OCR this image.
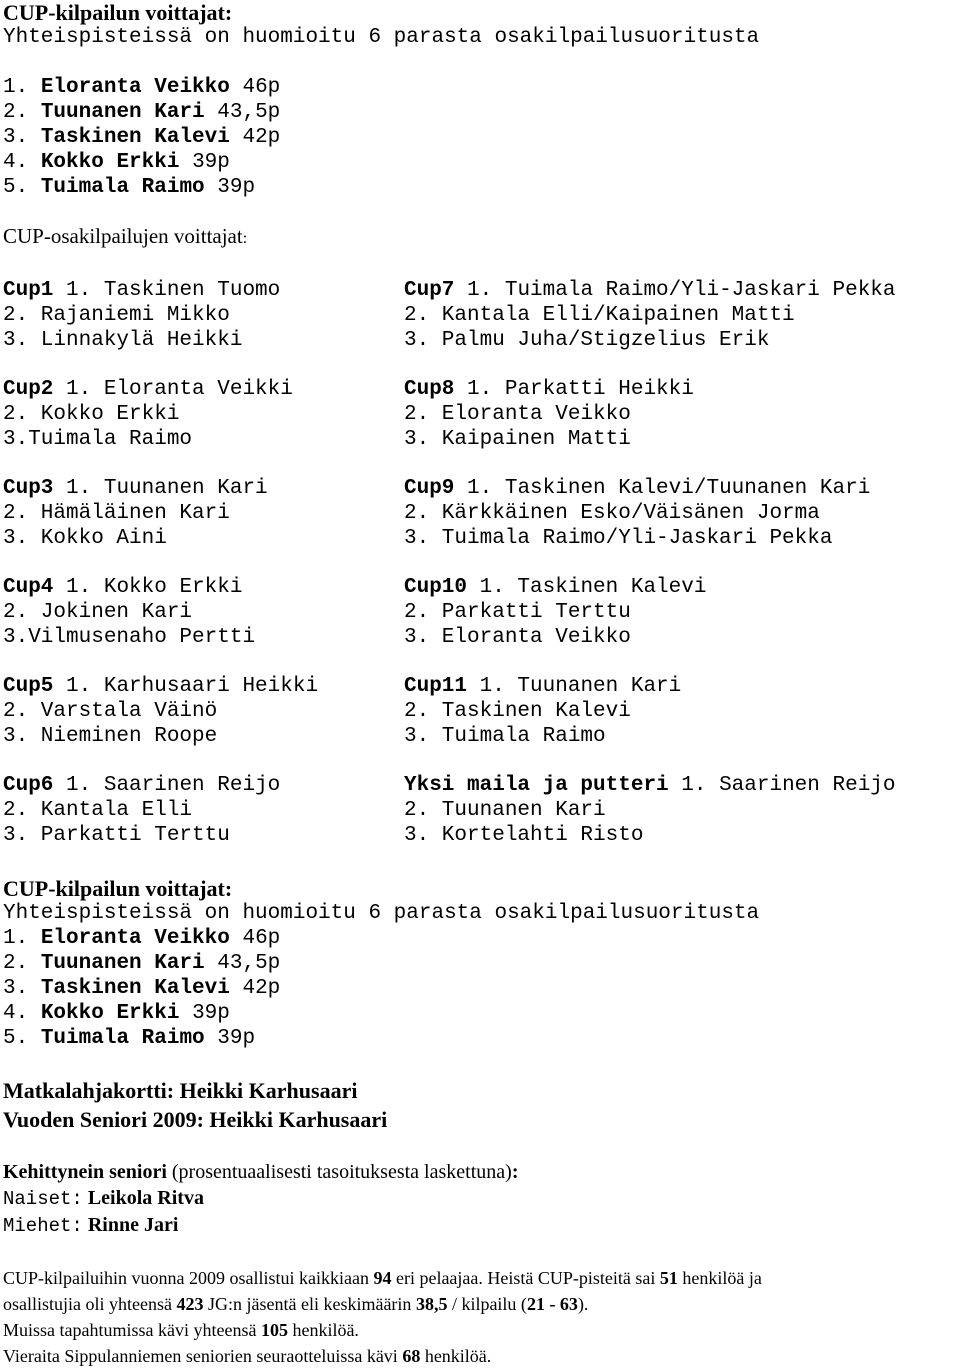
CUP-kilpailun voittajat:
Yhteispisteissä on huomioitu 6 parasta osakilpailusuoritusta
1. Eloranta Veikko 46p
2. Tuunanen Kari 43,5p
3. Taskinen Kalevi 42p
4. Kokko Erkki 39p
5. Tuimala Raimo 39p
CUP-osakilpailujen voittajat:
Cup1 1. Taskinen Tuomo
2. Rajaniemi Mikko
3. Linnakylä Heikki
Cup2 1. Eloranta Veikki
2. Kokko Erkki
3.Tuimala Raimo
Cup3 1. Tuunanen Kari
2. Hämäläinen Kari
3. Kokko Aini
Cup4 1. Kokko Erkki
2. Jokinen Kari
3.Vilmusenaho Pertti
Cup5 1. Karhusaari Heikki
2. Varstala Väinö
3. Nieminen Roope
Cup6 1. Saarinen Reijo
2. Kantala Elli
3. Parkatti Terttu
Cup7 1. Tuimala Raimo/Yli-Jaskari Pekka
2. Kantala Elli/Kaipainen Matti
3. Palmu Juha/Stigzelius Erik
Cup8 1. Parkatti Heikki
2. Eloranta Veikko
3. Kaipainen Matti
Cup9 1. Taskinen Kalevi/Tuunanen Kari
2. Kärkkäinen Esko/Väisänen Jorma
3. Tuimala Raimo/Yli-Jaskari Pekka
Cup10 1. Taskinen Kalevi
2. Parkatti Terttu
3. Eloranta Veikko
Cup11 1. Tuunanen Kari
2. Taskinen Kalevi
3. Tuimala Raimo
Yksi maila ja putteri 1. Saarinen Reijo
2. Tuunanen Kari
3. Kortelahti Risto
CUP-kilpailun voittajat:
Yhteispisteissä on huomioitu 6 parasta osakilpailusuoritusta
1. Eloranta Veikko 46p
2. Tuunanen Kari 43,5p
3. Taskinen Kalevi 42p
4. Kokko Erkki 39p
5. Tuimala Raimo 39p
Matkalahjakortti: Heikki Karhusaari
Vuoden Seniori 2009: Heikki Karhusaari
Kehittynein seniori (prosentuaalisesti tasoituksesta laskettuna):
Naiset: Leikola Ritva
Miehet: Rinne Jari
CUP-kilpailuihin vuonna 2009 osallistui kaikkiaan 94 eri pelaajaa. Heistä CUP-pisteitä sai 51 henkilöä ja
osallistujia oli yhteensä 423 JG:n jäsentä eli keskimäärin 38,5 / kilpailu (21 - 63).
Muissa tapahtumissa kävi yhteensä 105 henkilöä.
Vieraita Sippulanniemen seniorien seuraotteluissa kävi 68 henkilöä.
